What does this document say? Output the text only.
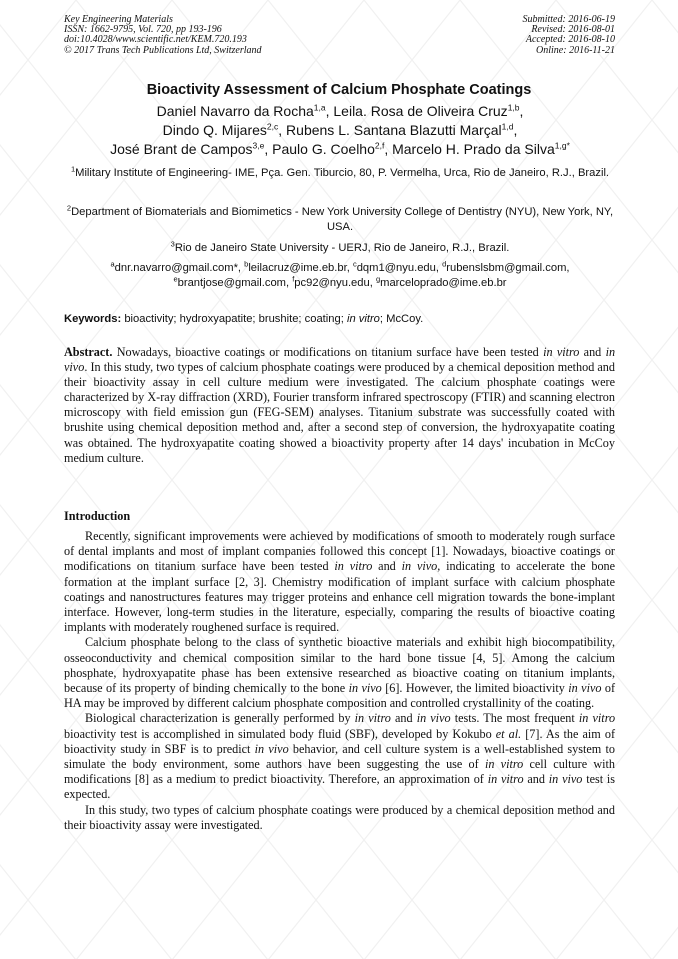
Key Engineering Materials
ISSN: 1662-9795, Vol. 720, pp 193-196
doi:10.4028/www.scientific.net/KEM.720.193
© 2017 Trans Tech Publications Ltd, Switzerland
Submitted: 2016-06-19
Revised: 2016-08-01
Accepted: 2016-08-10
Online: 2016-11-21
Bioactivity Assessment of Calcium Phosphate Coatings
Daniel Navarro da Rocha$^{1,a}$, Leila. Rosa de Oliveira Cruz$^{1,b}$,
Dindo Q. Mijares$^{2,c}$, Rubens L. Santana Blazutti Marçal$^{1,d}$,
José Brant de Campos$^{3,e}$, Paulo G. Coelho$^{2,f}$, Marcelo H. Prado da Silva$^{1,g*}$
$^1$Military Institute of Engineering- IME, Pça. Gen. Tiburcio, 80, P. Vermelha, Urca, Rio de Janeiro, R.J., Brazil.
$^2$Department of Biomaterials and Biomimetics - New York University College of Dentistry (NYU), New York, NY, USA.
$^3$Rio de Janeiro State University - UERJ, Rio de Janeiro, R.J., Brazil.
$^a$dnr.navarro@gmail.com*, $^b$leilacruz@ime.eb.br, $^c$dqm1@nyu.edu, $^d$rubenslsbm@gmail.com,
$^e$brantjose@gmail.com, $^f$pc92@nyu.edu, $^g$marceloprado@ime.eb.br
Keywords: bioactivity; hydroxyapatite; brushite; coating; in vitro; McCoy.
Abstract. Nowadays, bioactive coatings or modifications on titanium surface have been tested in vitro and in vivo. In this study, two types of calcium phosphate coatings were produced by a chemical deposition method and their bioactivity assay in cell culture medium were investigated. The calcium phosphate coatings were characterized by X-ray diffraction (XRD), Fourier transform infrared spectroscopy (FTIR) and scanning electron microscopy with field emission gun (FEG-SEM) analyses. Titanium substrate was successfully coated with brushite using chemical deposition method and, after a second step of conversion, the hydroxyapatite coating was obtained. The hydroxyapatite coating showed a bioactivity property after 14 days' incubation in McCoy medium culture.
Introduction

Recently, significant improvements were achieved by modifications of smooth to moderately rough surface of dental implants and most of implant companies followed this concept [1]. Nowadays, bioactive coatings or modifications on titanium surface have been tested in vitro and in vivo, indicating to accelerate the bone formation at the implant surface [2, 3]. Chemistry modification of implant surface with calcium phosphate coatings and nanostructures features may trigger proteins and enhance cell migration towards the bone-implant interface. However, long-term studies in the literature, especially, comparing the results of bioactive coating implants with moderately roughened surface is required.

Calcium phosphate belong to the class of synthetic bioactive materials and exhibit high biocompatibility, osseoconductivity and chemical composition similar to the hard bone tissue [4, 5]. Among the calcium phosphate, hydroxyapatite phase has been extensive researched as bioactive coating on titanium implants, because of its property of binding chemically to the bone in vivo [6]. However, the limited bioactivity in vivo of HA may be improved by different calcium phosphate composition and controlled crystallinity of the coating.

Biological characterization is generally performed by in vitro and in vivo tests. The most frequent in vitro bioactivity test is accomplished in simulated body fluid (SBF), developed by Kokubo et al. [7]. As the aim of bioactivity study in SBF is to predict in vivo behavior, and cell culture system is a well-established system to simulate the body environment, some authors have been suggesting the use of in vitro cell culture with modifications [8] as a medium to predict bioactivity. Therefore, an approximation of in vitro and in vivo test is expected.

In this study, two types of calcium phosphate coatings were produced by a chemical deposition method and their bioactivity assay were investigated.
